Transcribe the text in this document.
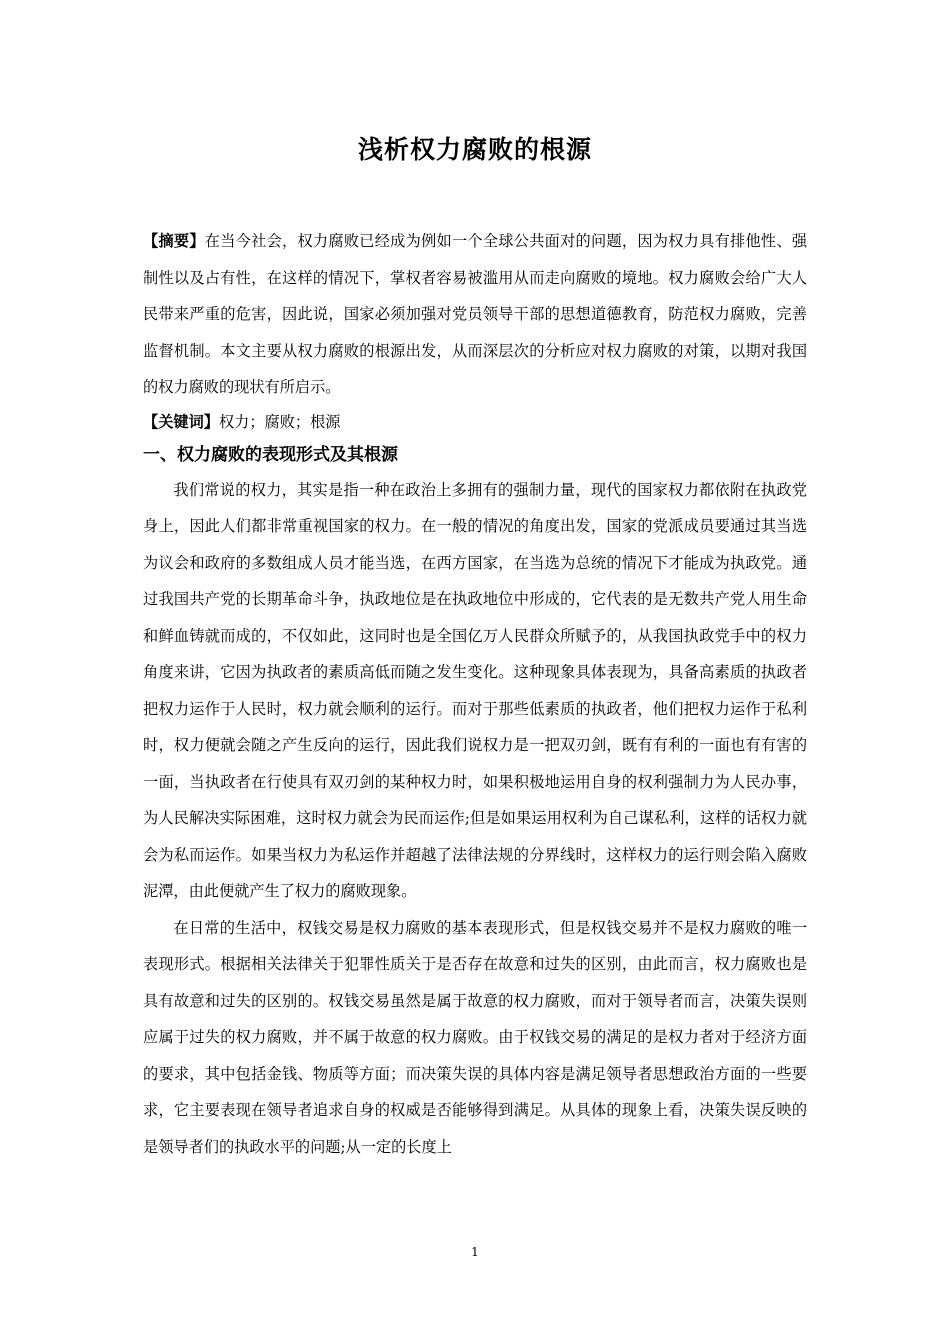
浅析权力腐败的根源

【摘要】在当今社会，权力腐败已经成为例如一个全球公共面对的问题，因为权力具有排他性、强制性以及占有性，在这样的情况下，掌权者容易被滥用从而走向腐败的境地。权力腐败会给广大人民带来严重的危害，因此说，国家必须加强对党员领导干部的思想道德教育，防范权力腐败，完善监督机制。本文主要从权力腐败的根源出发，从而深层次的分析应对权力腐败的对策，以期对我国的权力腐败的现状有所启示。

【关键词】权力；腐败；根源

一、权力腐败的表现形式及其根源

我们常说的权力，其实是指一种在政治上多拥有的强制力量，现代的国家权力都依附在执政党身上，因此人们都非常重视国家的权力。在一般的情况的角度出发，国家的党派成员要通过其当选为议会和政府的多数组成人员才能当选，在西方国家，在当选为总统的情况下才能成为执政党。通过我国共产党的长期革命斗争，执政地位是在执政地位中形成的，它代表的是无数共产党人用生命和鲜血铸就而成的，不仅如此，这同时也是全国亿万人民群众所赋予的，从我国执政党手中的权力角度来讲，它因为执政者的素质高低而随之发生变化。这种现象具体表现为，具备高素质的执政者把权力运作于人民时，权力就会顺利的运行。而对于那些低素质的执政者，他们把权力运作于私利时，权力便就会随之产生反向的运行，因此我们说权力是一把双刃剑，既有有利的一面也有有害的一面，当执政者在行使具有双刃剑的某种权力时，如果积极地运用自身的权利强制力为人民办事，为人民解决实际困难，这时权力就会为民而运作;但是如果运用权利为自己谋私利，这样的话权力就会为私而运作。如果当权力为私运作并超越了法律法规的分界线时，这样权力的运行则会陷入腐败泥潭，由此便就产生了权力的腐败现象。

在日常的生活中，权钱交易是权力腐败的基本表现形式，但是权钱交易并不是权力腐败的唯一表现形式。根据相关法律关于犯罪性质关于是否存在故意和过失的区别，由此而言，权力腐败也是具有故意和过失的区别的。权钱交易虽然是属于故意的权力腐败，而对于领导者而言，决策失误则应属于过失的权力腐败，并不属于故意的权力腐败。由于权钱交易的满足的是权力者对于经济方面的要求，其中包括金钱、物质等方面；而决策失误的具体内容是满足领导者思想政治方面的一些要求，它主要表现在领导者追求自身的权威是否能够得到满足。从具体的现象上看，决策失误反映的是领导者们的执政水平的问题;从一定的长度上

1
